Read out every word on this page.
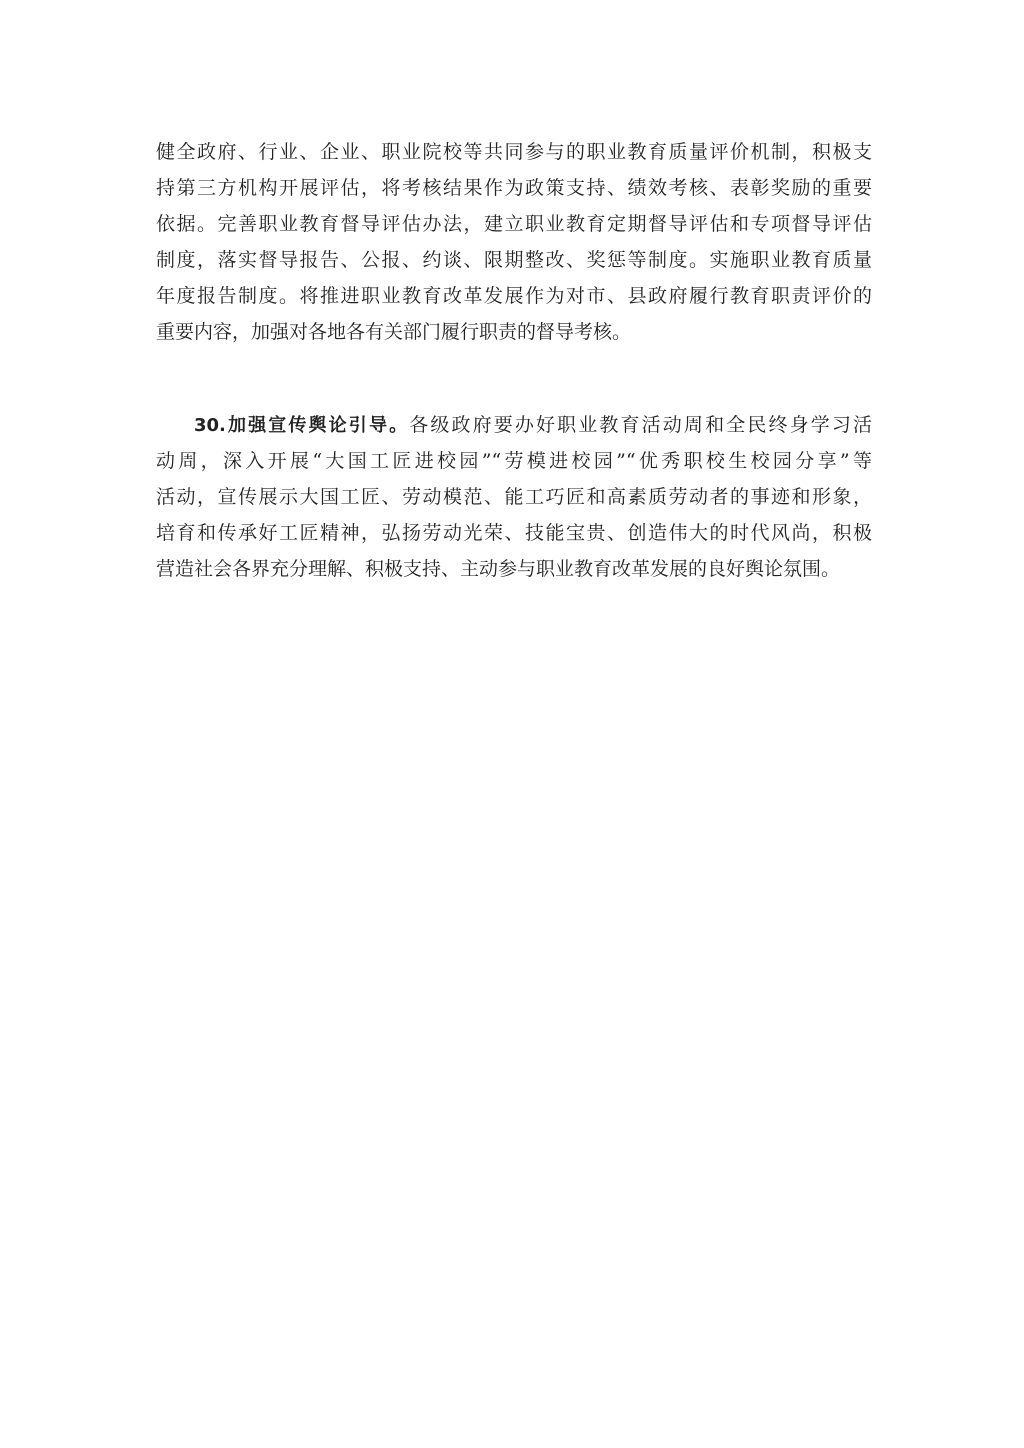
健全政府、行业、企业、职业院校等共同参与的职业教育质量评价机制，积极支
持第三方机构开展评估，将考核结果作为政策支持、绩效考核、表彰奖励的重要
依据。完善职业教育督导评估办法，建立职业教育定期督导评估和专项督导评估
制度，落实督导报告、公报、约谈、限期整改、奖惩等制度。实施职业教育质量
年度报告制度。将推进职业教育改革发展作为对市、县政府履行教育职责评价的
重要内容，加强对各地各有关部门履行职责的督导考核。
30.加强宣传舆论引导。各级政府要办好职业教育活动周和全民终身学习活
动周，深入开展“大国工匠进校园”“劳模进校园”“优秀职校生校园分享”等
活动，宣传展示大国工匠、劳动模范、能工巧匠和高素质劳动者的事迹和形象，
培育和传承好工匠精神，弘扬劳动光荣、技能宝贵、创造伟大的时代风尚，积极
营造社会各界充分理解、积极支持、主动参与职业教育改革发展的良好舆论氛围。
